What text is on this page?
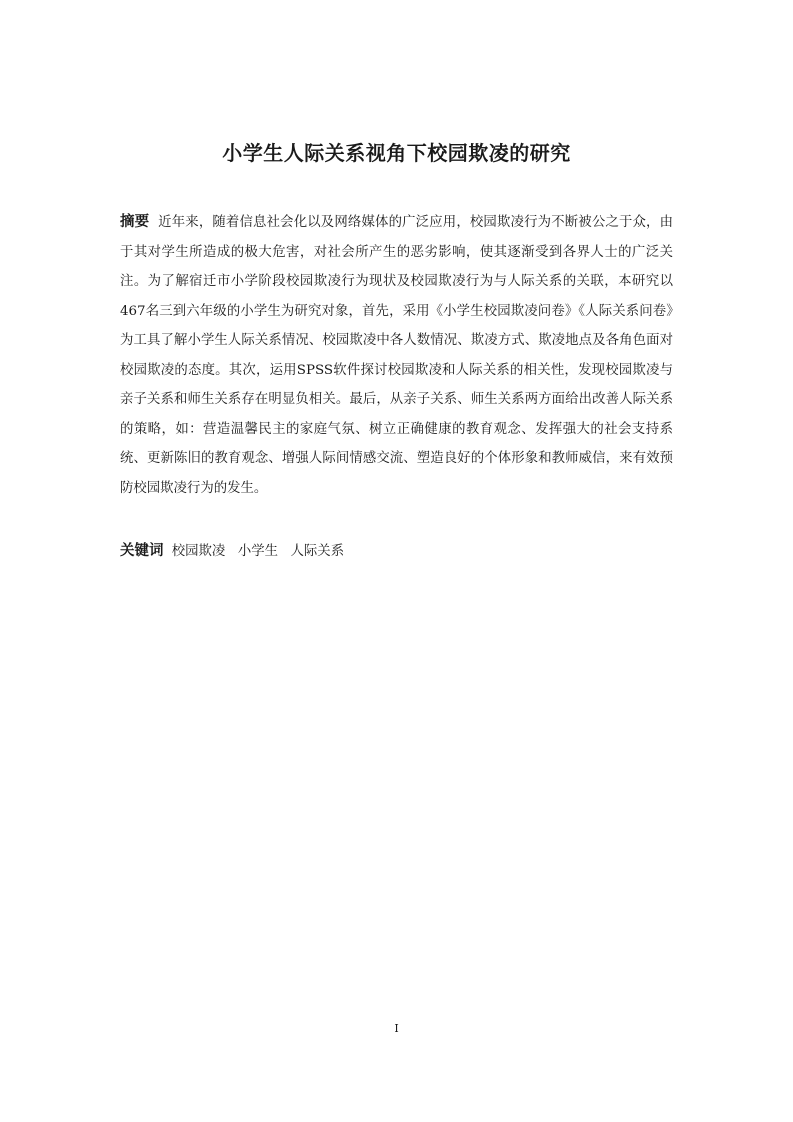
小学生人际关系视角下校园欺凌的研究

摘要 近年来，随着信息社会化以及网络媒体的广泛应用，校园欺凌行为不断被公之于众，由于其对学生所造成的极大危害，对社会所产生的恶劣影响，使其逐渐受到各界人士的广泛关注。为了解宿迁市小学阶段校园欺凌行为现状及校园欺凌行为与人际关系的关联，本研究以467名三到六年级的小学生为研究对象，首先，采用《小学生校园欺凌问卷》《人际关系问卷》为工具了解小学生人际关系情况、校园欺凌中各人数情况、欺凌方式、欺凌地点及各角色面对校园欺凌的态度。其次，运用SPSS软件探讨校园欺凌和人际关系的相关性，发现校园欺凌与亲子关系和师生关系存在明显负相关。最后，从亲子关系、师生关系两方面给出改善人际关系的策略，如：营造温馨民主的家庭气氛、树立正确健康的教育观念、发挥强大的社会支持系统、更新陈旧的教育观念、增强人际间情感交流、塑造良好的个体形象和教师威信，来有效预防校园欺凌行为的发生。

关键词 校园欺凌 小学生 人际关系

I
